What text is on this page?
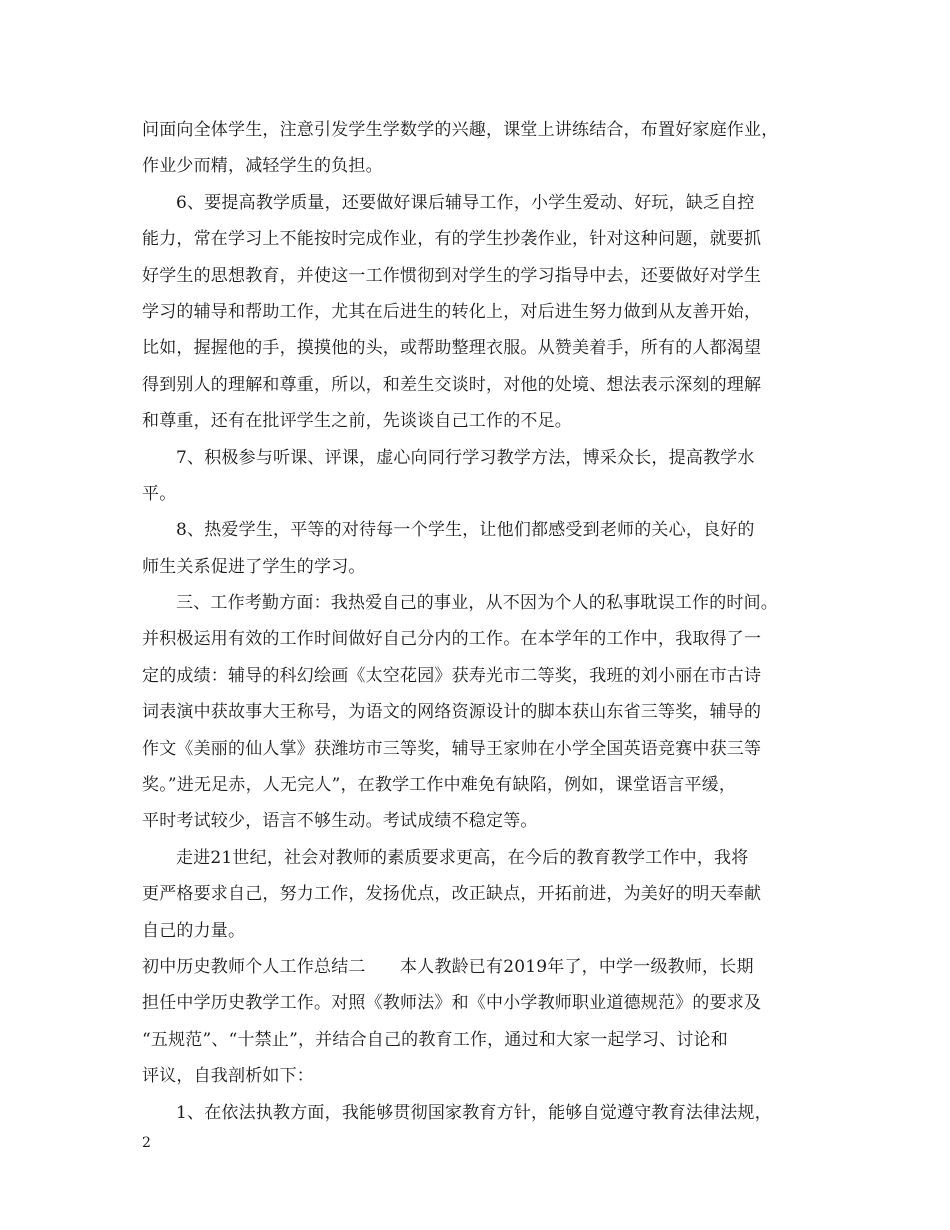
问面向全体学生，注意引发学生学数学的兴趣，课堂上讲练结合，布置好家庭作业，
作业少而精，减轻学生的负担。
6、要提高教学质量，还要做好课后辅导工作，小学生爱动、好玩，缺乏自控
能力，常在学习上不能按时完成作业，有的学生抄袭作业，针对这种问题，就要抓
好学生的思想教育，并使这一工作惯彻到对学生的学习指导中去，还要做好对学生
学习的辅导和帮助工作，尤其在后进生的转化上，对后进生努力做到从友善开始，
比如，握握他的手，摸摸他的头，或帮助整理衣服。从赞美着手，所有的人都渴望
得到别人的理解和尊重，所以，和差生交谈时，对他的处境、想法表示深刻的理解
和尊重，还有在批评学生之前，先谈谈自己工作的不足。
7、积极参与听课、评课，虚心向同行学习教学方法，博采众长，提高教学水
平。
8、热爱学生，平等的对待每一个学生，让他们都感受到老师的关心，良好的
师生关系促进了学生的学习。
三、工作考勤方面：我热爱自己的事业，从不因为个人的私事耽误工作的时间。
并积极运用有效的工作时间做好自己分内的工作。在本学年的工作中，我取得了一
定的成绩：辅导的科幻绘画《太空花园》获寿光市二等奖，我班的刘小丽在市古诗
词表演中获故事大王称号，为语文的网络资源设计的脚本获山东省三等奖，辅导的
作文《美丽的仙人掌》获潍坊市三等奖，辅导王家帅在小学全国英语竞赛中获三等
奖。”进无足赤，人无完人”，在教学工作中难免有缺陷，例如，课堂语言平缓，
平时考试较少，语言不够生动。考试成绩不稳定等。
走进21世纪，社会对教师的素质要求更高，在今后的教育教学工作中，我将
更严格要求自己，努力工作，发扬优点，改正缺点，开拓前进，为美好的明天奉献
自己的力量。
初中历史教师个人工作总结二　　本人教龄已有2019年了，中学一级教师，长期
担任中学历史教学工作。对照《教师法》和《中小学教师职业道德规范》的要求及
“五规范”、“十禁止”，并结合自己的教育工作，通过和大家一起学习、讨论和
评议，自我剖析如下：
1、在依法执教方面，我能够贯彻国家教育方针，能够自觉遵守教育法律法规，
2
